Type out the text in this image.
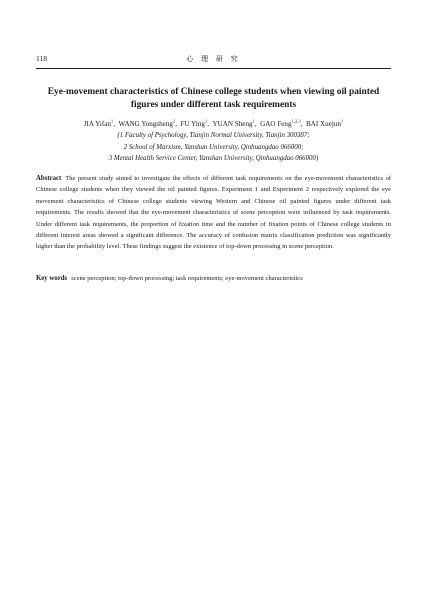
118	心 理 研 究
Eye-movement characteristics of Chinese college students when viewing oil painted figures under different task requirements
JIA Yifan$^1$, WANG Yongsheng$^2$, FU Ying$^1$, YUAN Sheng$^1$, GAO Feng$^{1,2,3}$, BAI Xuejun$^1$
(1 Faculty of Psychology, Tianjin Normal University, Tianjin 300387;
2 School of Marxism, Yanshan University, Qinhuangdao 066000;
3 Mental Health Service Center, Yanshan University, Qinhuangdao 066000)
Abstract The present study aimed to investigate the effects of different task requirements on the eye-movement characteristics of Chinese college students when they viewed the oil painted figures. Experiment 1 and Experiment 2 respectively explored the eye movement characteristics of Chinese college students viewing Western and Chinese oil painted figures under different task requirements. The results showed that the eye-movement characteristics of scene perception were influenced by task requirements. Under different task requirements, the proportion of fixation time and the number of fixation points of Chinese college students in different interest areas showed a significant difference. The accuracy of confusion matrix classification prediction was significantly higher than the probability level. These findings suggest the existence of top-down processing in scene perception.
Key words scene perception; top-down processing; task requirements; eye-movement characteristics
